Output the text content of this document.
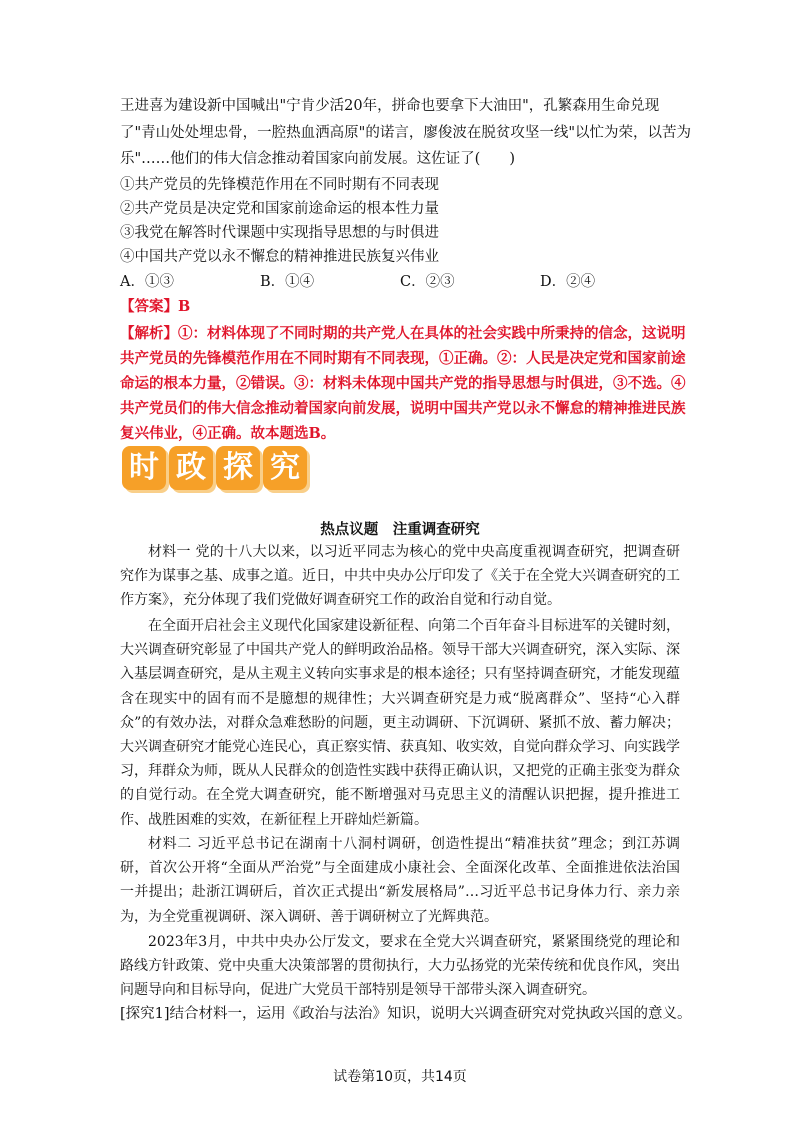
王进喜为建设新中国喊出"宁肯少活20年，拼命也要拿下大油田"，孔繁森用生命兑现
了"青山处处埋忠骨，一腔热血洒高原"的诺言，廖俊波在脱贫攻坚一线"以忙为荣，以苦为
乐"……他们的伟大信念推动着国家向前发展。这佐证了(　　)
①共产党员的先锋模范作用在不同时期有不同表现
②共产党员是决定党和国家前途命运的根本性力量
③我党在解答时代课题中实现指导思想的与时俱进
④中国共产党以永不懈怠的精神推进民族复兴伟业
A．①③	B．①④	C．②③	D．②④
【答案】B
【解析】①：材料体现了不同时期的共产党人在具体的社会实践中所秉持的信念，这说明
共产党员的先锋模范作用在不同时期有不同表现，①正确。②：人民是决定党和国家前途
命运的根本力量，②错误。③：材料未体现中国共产党的指导思想与时俱进，③不选。④
共产党员们的伟大信念推动着国家向前发展，说明中国共产党以永不懈怠的精神推进民族
复兴伟业，④正确。故本题选B。
时 政 探 究
热点议题　注重调查研究
材料一 党的十八大以来，以习近平同志为核心的党中央高度重视调查研究，把调查研究作为谋事之基、成事之道。近日，中共中央办公厅印发了《关于在全党大兴调查研究的工作方案》，充分体现了我们党做好调查研究工作的政治自觉和行动自觉。
在全面开启社会主义现代化国家建设新征程、向第二个百年奋斗目标进军的关键时刻，大兴调查研究彰显了中国共产党人的鲜明政治品格。领导干部大兴调查研究，深入实际、深入基层调查研究，是从主观主义转向实事求是的根本途径；只有坚持调查研究，才能发现蕴含在现实中的固有而不是臆想的规律性；大兴调查研究是力戒“脱离群众”、坚持“心入群众”的有效办法，对群众急难愁盼的问题，更主动调研、下沉调研、紧抓不放、蓄力解决；大兴调查研究才能党心连民心，真正察实情、获真知、收实效，自觉向群众学习、向实践学习，拜群众为师，既从人民群众的创造性实践中获得正确认识，又把党的正确主张变为群众的自觉行动。在全党大调查研究，能不断增强对马克思主义的清醒认识把握，提升推进工作、战胜困难的实效，在新征程上开辟灿烂新篇。
材料二 习近平总书记在湖南十八洞村调研，创造性提出“精准扶贫”理念；到江苏调研，首次公开将“全面从严治党”与全面建成小康社会、全面深化改革、全面推进依法治国一并提出；赴浙江调研后，首次正式提出“新发展格局”…习近平总书记身体力行、亲力亲为，为全党重视调研、深入调研、善于调研树立了光辉典范。
2023年3月，中共中央办公厅发文，要求在全党大兴调查研究，紧紧围绕党的理论和路线方针政策、党中央重大决策部署的贯彻执行，大力弘扬党的光荣传统和优良作风，突出问题导向和目标导向，促进广大党员干部特别是领导干部带头深入调查研究。
[探究1]结合材料一，运用《政治与法治》知识，说明大兴调查研究对党执政兴国的意义。
试卷第10页，共14页
